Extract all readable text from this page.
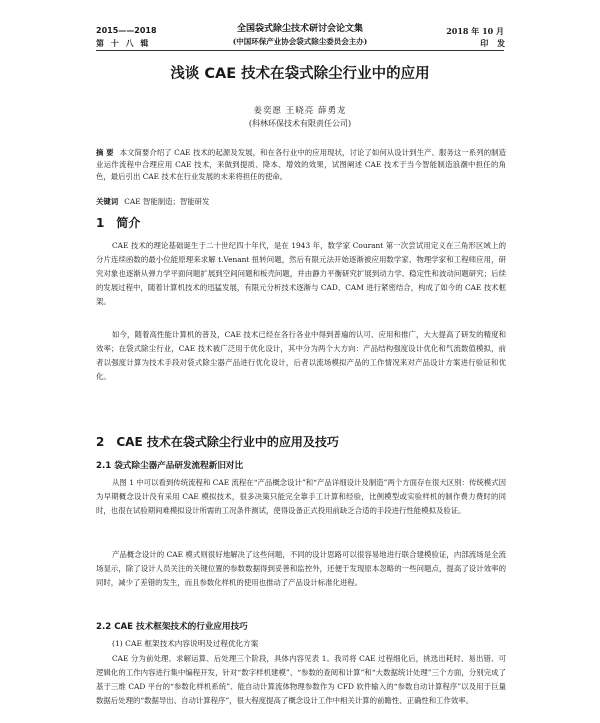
2015——2018
第 十 八 辑
全国袋式除尘技术研讨会论文集
(中国环保产业协会袋式除尘委员会主办)
2018 年 10 月
印 发
浅谈 CAE 技术在袋式除尘行业中的应用
姜奕愿 王晓亮 薛勇龙
(科林环保技术有限责任公司)
摘 要 本文简要介绍了 CAE 技术的起源及发展，和在各行业中的应用现状，讨论了如何从设计到生产、服务这一系列的制造业运作流程中合理应用 CAE 技术，来做到提质、降本、增效的效果，试图阐述 CAE 技术于当今智能制造浪潮中担任的角色，最后引出 CAE 技术在行业发展的未来将担任的使命。
关键词 CAE 智能制造；智能研发
1 简介

CAE 技术的理论基础诞生于二十世纪四十年代，是在 1943 年，数学家 Courant 第一次尝试用定义在三角形区域上的分片连续函数的最小位能原理来求解 t.Venant 扭转问题，然后有限元法开始逐渐被应用数学家、物理学家和工程师应用，研究对象也逐渐从弹力学平面问题扩展到空间问题和板壳问题，并由静力平衡研究扩展到动力学、稳定性和波动问题研究；后续的发展过程中，随着计算机技术的迅猛发展，有限元分析技术逐渐与 CAD、CAM 进行紧密结合，构成了如今的 CAE 技术框架。

如今，随着高性能计算机的普及，CAE 技术已经在各行各业中得到普遍的认可、应用和推广，大大提高了研发的精度和效率；在袋式除尘行业，CAE 技术被广泛用于优化设计，其中分为两个大方向：产品结构强度设计优化和气流数值模拟，前者以强度计算为技术手段对袋式除尘器产品进行优化设计，后者以流场模拟产品的工作情况来对产品设计方案进行验证和优化。

2 CAE 技术在袋式除尘行业中的应用及技巧
2.1 袋式除尘器产品研发流程新旧对比

从图 1 中可以看到传统流程和 CAE 流程在“产品概念设计”和“产品详细设计及制造”两个方面存在很大区别：传统模式因为早期概念设计没有采用 CAE 模拟技术，很多决策只能完全靠手工计算和经验，比例模型或实验样机的制作费力费时的同时，也很在试验期间难模拟设计所需的工况条件测试，使得设备正式投用前缺乏合适的手段进行性能模拟及验证。

产品概念设计的 CAE 模式则很好地解决了这些问题，不同的设计思路可以很容易地进行联合建模验证，内部流场是全流场显示，除了设计人员关注的关键位置的参数数据得到妥善和监控外，还便于发现原本忽略的一些问题点，提高了设计效率的同时，减少了差错的发生，而且参数化样机的使用也推动了产品设计标准化进程。

2.2 CAE 技术框架技术的行业应用技巧
(1) CAE 框架技术内容说明及过程优化方案

CAE 分为前处理、求解运算、后处理三个阶段，具体内容见表 1。我司将 CAE 过程细化后，挑选出耗时、易出错、可逻辑化的工作内容进行集中编程开发，针对“数字样机建模”、“参数的查阅和计算”和“大数据统计处理”三个方面，分别完成了基于三维 CAD 平台的“参数化样机系统”、能自动计算流体物理参数作为 CFD 软件输入的“参数自动计算程序”以及用于巨量数据后处理的“数据导出、自动计算程序”，很大程度提高了概念设计工作中相关计算的前瞻性、正确性和工作效率。
